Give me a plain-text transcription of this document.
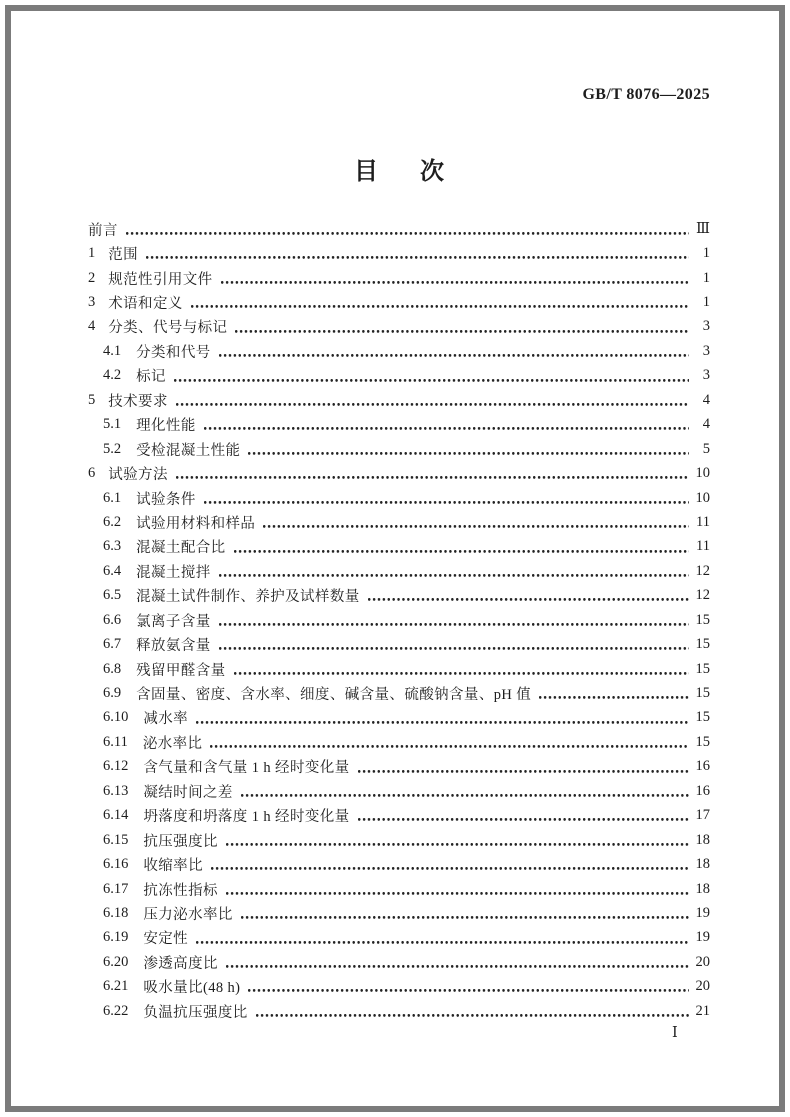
GB/T 8076—2025
目 次
前言	Ⅲ
1 范围	1
2 规范性引用文件	1
3 术语和定义	1
4 分类、代号与标记	3
4.1 分类和代号	3
4.2 标记	3
5 技术要求	4
5.1 理化性能	4
5.2 受检混凝土性能	5
6 试验方法	10
6.1 试验条件	10
6.2 试验用材料和样品	11
6.3 混凝土配合比	11
6.4 混凝土搅拌	12
6.5 混凝土试件制作、养护及试样数量	12
6.6 氯离子含量	15
6.7 释放氨含量	15
6.8 残留甲醛含量	15
6.9 含固量、密度、含水率、细度、碱含量、硫酸钠含量、pH 值	15
6.10 减水率	15
6.11 泌水率比	15
6.12 含气量和含气量 1 h 经时变化量	16
6.13 凝结时间之差	16
6.14 坍落度和坍落度 1 h 经时变化量	17
6.15 抗压强度比	18
6.16 收缩率比	18
6.17 抗冻性指标	18
6.18 压力泌水率比	19
6.19 安定性	19
6.20 渗透高度比	20
6.21 吸水量比(48 h)	20
6.22 负温抗压强度比	21
Ⅰ
